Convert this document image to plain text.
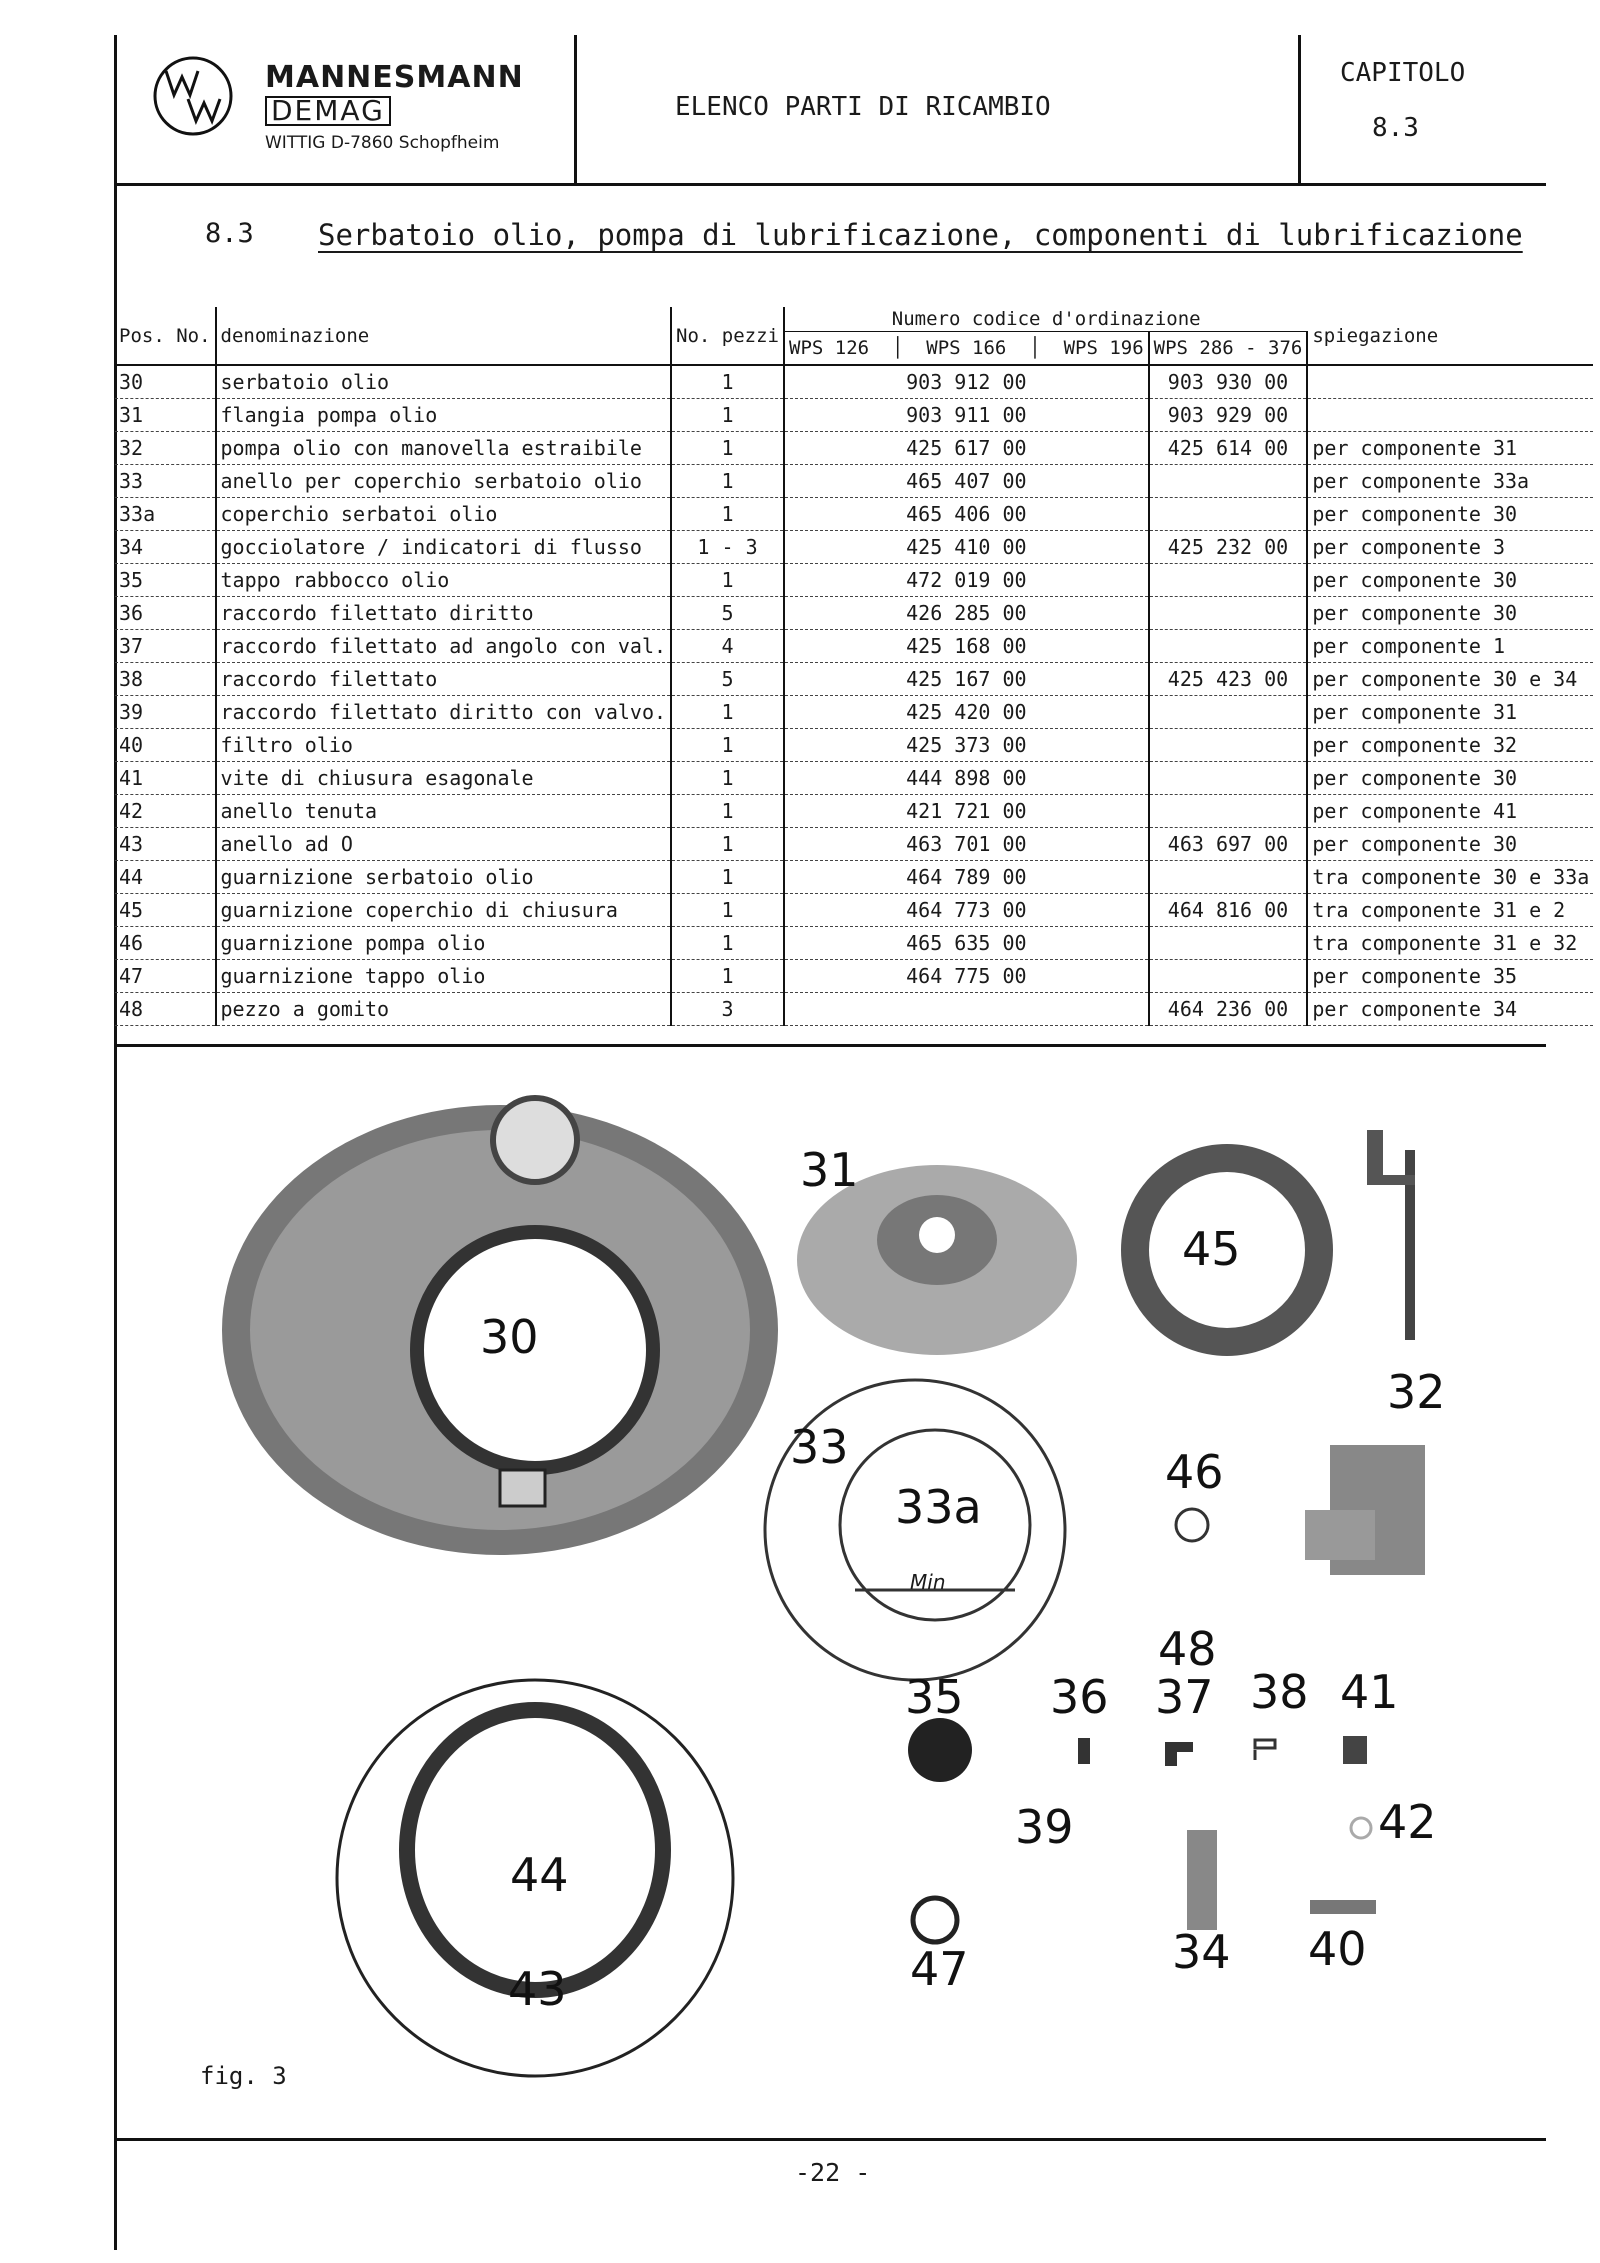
MANNESMANN
DEMAG
WITTIG D-7860 Schopfheim
ELENCO PARTI DI RICAMBIO
CAPITOLO
8.3
8.3 Serbatoio olio, pompa di lubrificazione, componenti di lubrificazione
Pos. No.	denominazione	No. pezzi	Numero codice d'ordinazione		spiegazione
			WPS 126  │  WPS 166  │  WPS 196	WPS 286 - 376	
30	serbatoio olio	1	903 912 00	903 930 00	
31	flangia pompa olio	1	903 911 00	903 929 00	
32	pompa olio con manovella estraibile	1	425 617 00	425 614 00	per componente 31
33	anello per coperchio serbatoio olio	1	465 407 00		per componente 33a
33a	coperchio serbatoi olio	1	465 406 00		per componente 30
34	gocciolatore / indicatori di flusso	1 - 3	425 410 00	425 232 00	per componente 3
35	tappo rabbocco olio	1	472 019 00		per componente 30
36	raccordo filettato diritto	5	426 285 00		per componente 30
37	raccordo filettato ad angolo con val.	4	425 168 00		per componente 1
38	raccordo filettato	5	425 167 00	425 423 00	per componente 30 e 34
39	raccordo filettato diritto con valvo.	1	425 420 00		per componente 31
40	filtro olio	1	425 373 00		per componente 32
41	vite di chiusura esagonale	1	444 898 00		per componente 30
42	anello tenuta	1	421 721 00		per componente 41
43	anello ad O	1	463 701 00	463 697 00	per componente 30
44	guarnizione serbatoio olio	1	464 789 00		tra componente 30 e 33a
45	guarnizione coperchio di chiusura	1	464 773 00	464 816 00	tra componente 31 e 2
46	guarnizione pompa olio	1	465 635 00		tra componente 31 e 32
47	guarnizione tappo olio	1	464 775 00		per componente 35
48	pezzo a gomito	3		464 236 00	per componente 34
30
31
45
32
33
33a
Min
46
48
37
35 36	38 41
39	42
44
43	47	34 40
fig. 3
-22 -
